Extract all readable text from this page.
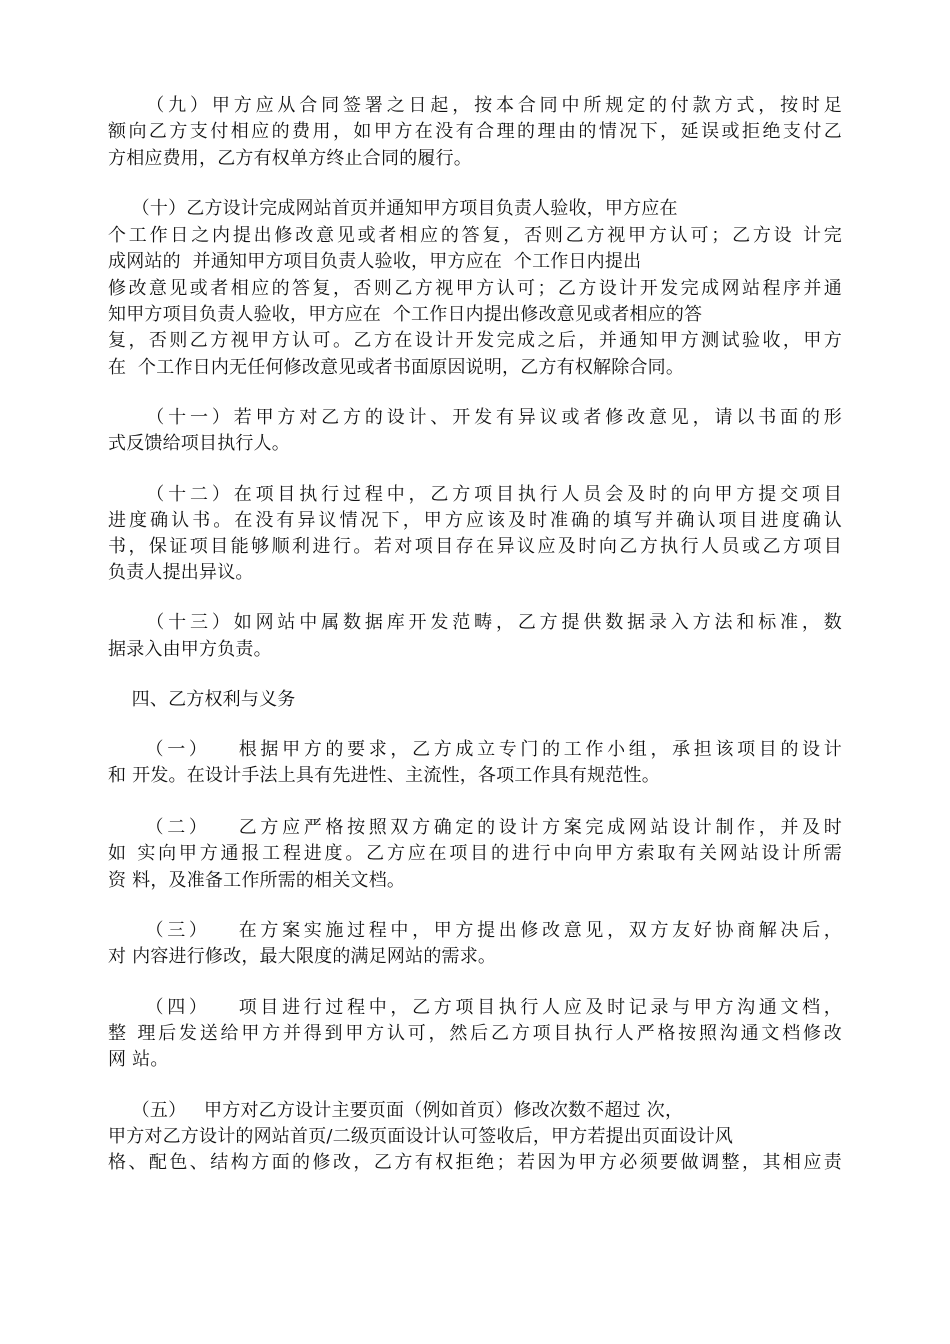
（九）甲方应从合同签署之日起，按本合同中所规定的付款方式，按时足
额向乙方支付相应的费用，如甲方在没有合理的理由的情况下，延误或拒绝支付乙
方相应费用，乙方有权单方终止合同的履行。
（十）乙方设计完成网站首页并通知甲方项目负责人验收，甲方应在
个工作日之内提出修改意见或者相应的答复，否则乙方视甲方认可；乙方设 计完
成网站的  并通知甲方项目负责人验收，甲方应在  个工作日内提出
修改意见或者相应的答复，否则乙方视甲方认可；乙方设计开发完成网站程序并通
知甲方项目负责人验收，甲方应在  个工作日内提出修改意见或者相应的答
复，否则乙方视甲方认可。乙方在设计开发完成之后，并通知甲方测试验收，甲方
在  个工作日内无任何修改意见或者书面原因说明，乙方有权解除合同。
（十一）若甲方对乙方的设计、开发有异议或者修改意见，请以书面的形
式反馈给项目执行人。
（十二）在项目执行过程中，乙方项目执行人员会及时的向甲方提交项目
进度确认书。在没有异议情况下，甲方应该及时准确的填写并确认项目进度确认
书，保证项目能够顺利进行。若对项目存在异议应及时向乙方执行人员或乙方项目
负责人提出异议。
（十三）如网站中属数据库开发范畴，乙方提供数据录入方法和标准，数
据录入由甲方负责。
四、乙方权利与义务
（一）   根据甲方的要求，乙方成立专门的工作小组，承担该项目的设计
和 开发。在设计手法上具有先进性、主流性，各项工作具有规范性。
（二）   乙方应严格按照双方确定的设计方案完成网站设计制作，并及时
如 实向甲方通报工程进度。乙方应在项目的进行中向甲方索取有关网站设计所需
资 料，及准备工作所需的相关文档。
（三）   在方案实施过程中，甲方提出修改意见，双方友好协商解决后，
对 内容进行修改，最大限度的满足网站的需求。
（四）   项目进行过程中，乙方项目执行人应及时记录与甲方沟通文档，
整 理后发送给甲方并得到甲方认可，然后乙方项目执行人严格按照沟通文档修改
网 站。
（五）   甲方对乙方设计主要页面（例如首页）修改次数不超过 次，
甲方对乙方设计的网站首页/二级页面设计认可签收后，甲方若提出页面设计风
格、配色、结构方面的修改，乙方有权拒绝；若因为甲方必须要做调整，其相应责
